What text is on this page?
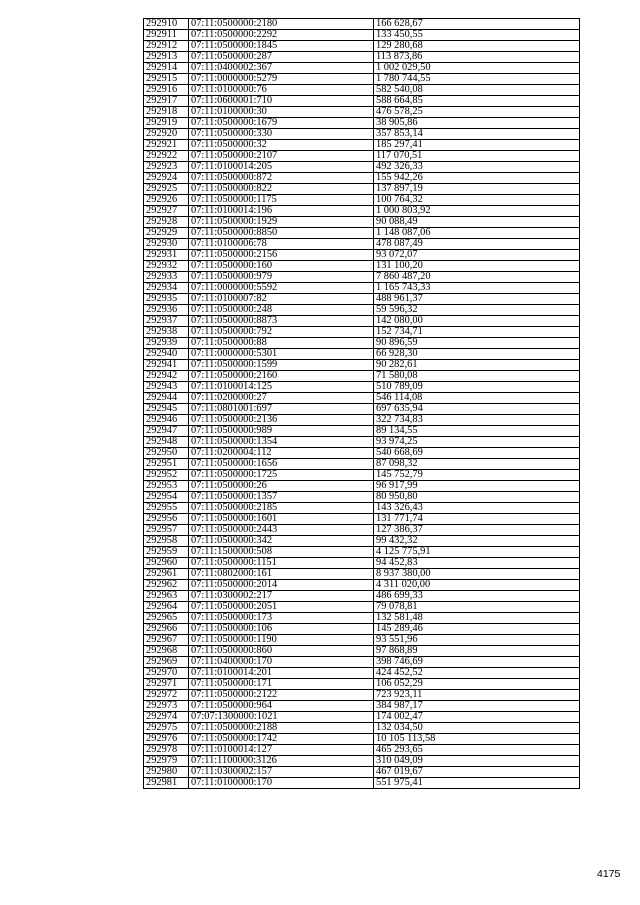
292910	07:11:0500000:2180	166 628,67
292911	07:11:0500000:2292	133 450,55
292912	07:11:0500000:1845	129 280,68
292913	07:11:0500000:287	113 873,86
292914	07:11:0400002:367	1 002 029,50
292915	07:11:0000000:5279	1 780 744,55
292916	07:11:0100000:76	582 540,08
292917	07:11:0600001:710	588 664,85
292918	07:11:0100000:30	476 578,25
292919	07:11:0500000:1679	38 905,86
292920	07:11:0500000:330	357 853,14
292921	07:11:0500000:32	185 297,41
292922	07:11:0500000:2107	117 070,51
292923	07:11:0100014:205	492 326,33
292924	07:11:0500000:872	155 942,26
292925	07:11:0500000:822	137 897,19
292926	07:11:0500000:1175	100 764,32
292927	07:11:0100014:196	1 000 803,92
292928	07:11:0500000:1929	90 088,49
292929	07:11:0500000:8850	1 148 087,06
292930	07:11:0100006:78	478 087,49
292931	07:11:0500000:2156	93 072,07
292932	07:11:0500000:160	131 100,20
292933	07:11:0500000:979	7 860 487,20
292934	07:11:0000000:5592	1 165 743,33
292935	07:11:0100007:82	488 961,37
292936	07:11:0500000:248	59 596,32
292937	07:11:0500000:8873	142 080,00
292938	07:11:0500000:792	152 734,71
292939	07:11:0500000:88	90 896,59
292940	07:11:0000000:5301	66 928,30
292941	07:11:0500000:1599	90 282,61
292942	07:11:0500000:2160	71 580,08
292943	07:11:0100014:125	510 789,09
292944	07:11:0200000:27	546 114,08
292945	07:11:0801001:697	697 635,94
292946	07:11:0500000:2136	322 734,83
292947	07:11:0500000:989	89 134,55
292948	07:11:0500000:1354	93 974,25
292950	07:11:0200004:112	540 668,69
292951	07:11:0500000:1656	87 098,32
292952	07:11:0500000:1725	145 752,79
292953	07:11:0500000:26	96 917,99
292954	07:11:0500000:1357	80 950,80
292955	07:11:0500000:2185	143 326,43
292956	07:11:0500000:1601	131 771,74
292957	07:11:0500000:2443	127 386,37
292958	07:11:0500000:342	99 432,32
292959	07:11:1500000:508	4 125 775,91
292960	07:11:0500000:1151	94 452,83
292961	07:11:0802000:161	8 937 380,00
292962	07:11:0500000:2014	4 311 020,00
292963	07:11:0300002:217	486 699,33
292964	07:11:0500000:2051	79 078,81
292965	07:11:0500000:173	132 581,48
292966	07:11:0500000:106	145 289,46
292967	07:11:0500000:1190	93 551,96
292968	07:11:0500000:860	97 868,89
292969	07:11:0400000:170	398 746,69
292970	07:11:0100014:201	424 452,52
292971	07:11:0500000:171	106 052,29
292972	07:11:0500000:2122	723 923,11
292973	07:11:0500000:964	384 987,17
292974	07:07:1300000:1021	174 002,47
292975	07:11:0500000:2188	132 034,50
292976	07:11:0500000:1742	10 105 113,58
292978	07:11:0100014:127	465 293,65
292979	07:11:1100000:3126	310 049,09
292980	07:11:0300002:157	467 019,67
292981	07:11:0100000:170	551 975,41
4175
